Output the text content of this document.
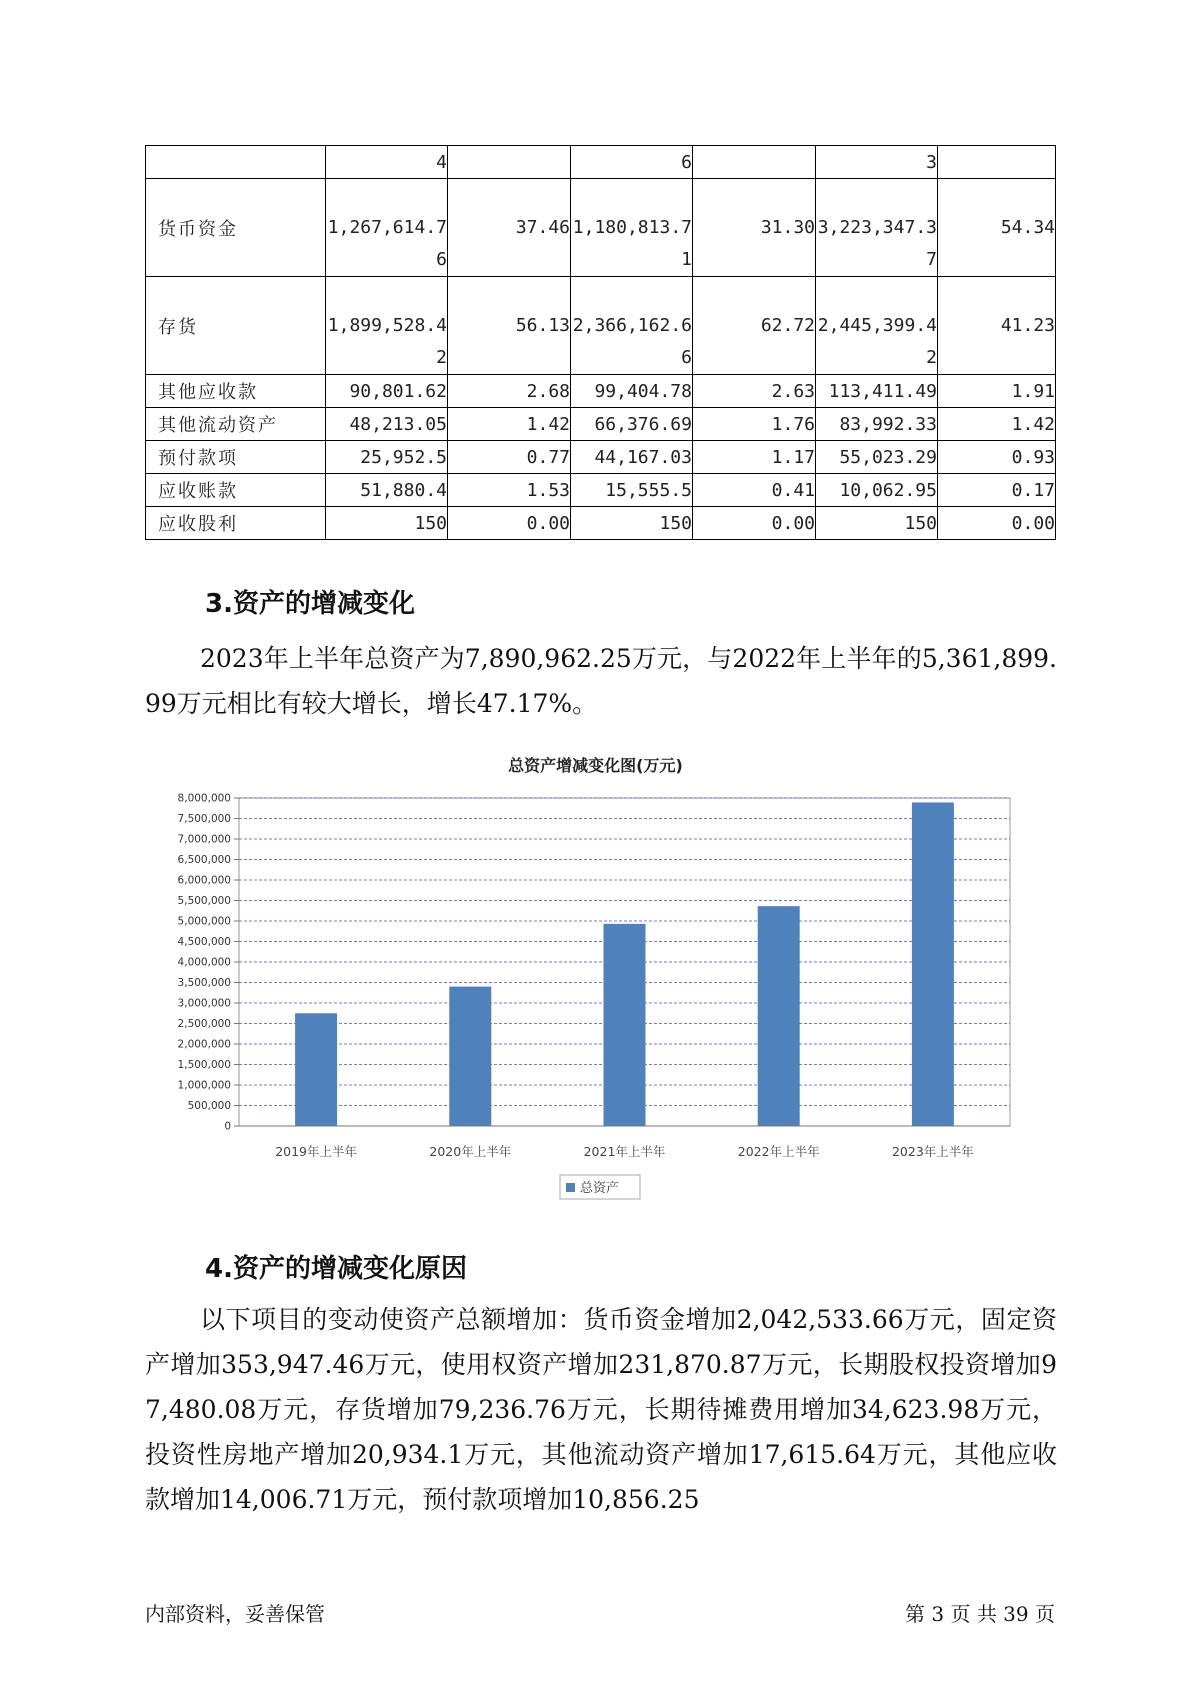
	4		6		3	
货币资金	1,267,614.76	37.46	1,180,813.71	31.30	3,223,347.37	54.34
存货	1,899,528.42	56.13	2,366,162.66	62.72	2,445,399.42	41.23
其他应收款	90,801.62	2.68	99,404.78	2.63	113,411.49	1.91
其他流动资产	48,213.05	1.42	66,376.69	1.76	83,992.33	1.42
预付款项	25,952.5	0.77	44,167.03	1.17	55,023.29	0.93
应收账款	51,880.4	1.53	15,555.5	0.41	10,062.95	0.17
应收股利	150	0.00	150	0.00	150	0.00
3.资产的增减变化
2023年上半年总资产为7,890,962.25万元，与2022年上半年的5,361,899.99万元相比有较大增长，增长47.17%。
总资产增减变化图(万元)
0
500,000
1,000,000
1,500,000
2,000,000
2,500,000
3,000,000
3,500,000
4,000,000
4,500,000
5,000,000
5,500,000
6,000,000
6,500,000
7,000,000
7,500,000
8,000,000
2019年上半年	2020年上半年	2021年上半年	2022年上半年	2023年上半年
总资产
4.资产的增减变化原因
以下项目的变动使资产总额增加：货币资金增加2,042,533.66万元，固定资产增加353,947.46万元，使用权资产增加231,870.87万元，长期股权投资增加97,480.08万元，存货增加79,236.76万元，长期待摊费用增加34,623.98万元，投资性房地产增加20,934.1万元，其他流动资产增加17,615.64万元，其他应收款增加14,006.71万元，预付款项增加10,856.25
内部资料，妥善保管	第 3 页 共 39 页
